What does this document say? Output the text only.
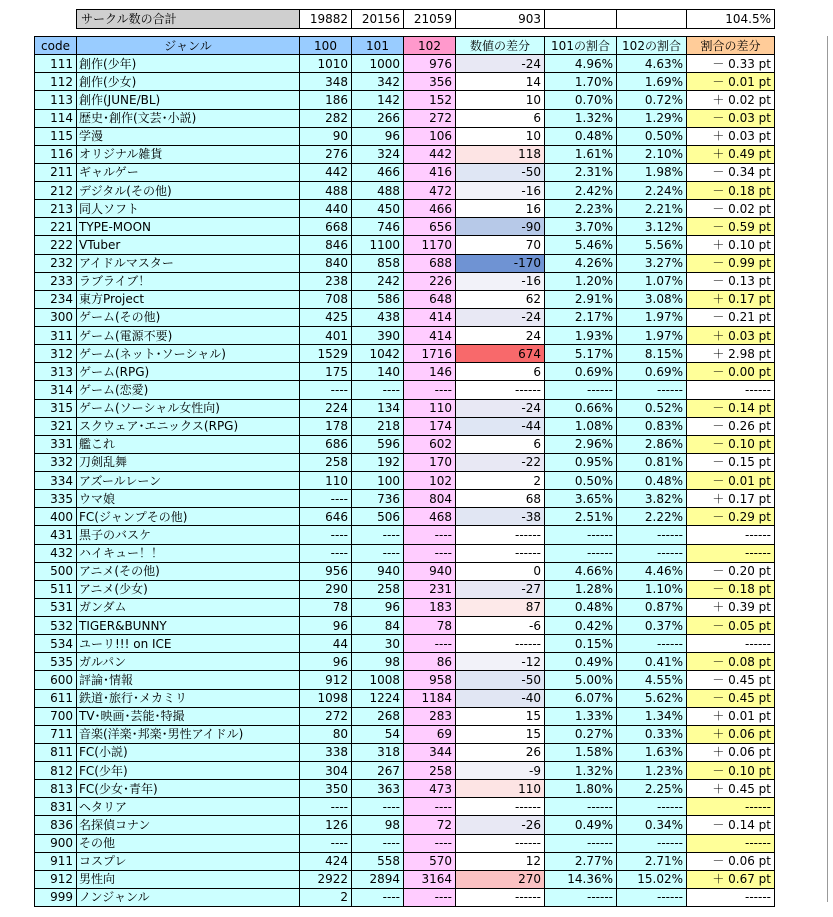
サークル数の合計	19882	20156	21059	903			104.5%
code	ジャンル	100	101	102	数値の差分	101の割合	102の割合	割合の差分
111	創作(少年)	1010	1000	976	-24	4.96%	4.63%	－ 0.33 pt
112	創作(少女)	348	342	356	14	1.70%	1.69%	－ 0.01 pt
113	創作(JUNE/BL)	186	142	152	10	0.70%	0.72%	＋ 0.02 pt
114	歴史･創作(文芸･小説)	282	266	272	6	1.32%	1.29%	－ 0.03 pt
115	学漫	90	96	106	10	0.48%	0.50%	＋ 0.03 pt
116	オリジナル雑貨	276	324	442	118	1.61%	2.10%	＋ 0.49 pt
211	ギャルゲー	442	466	416	-50	2.31%	1.98%	－ 0.34 pt
212	デジタル(その他)	488	488	472	-16	2.42%	2.24%	－ 0.18 pt
213	同人ソフト	440	450	466	16	2.23%	2.21%	－ 0.02 pt
221	TYPE-MOON	668	746	656	-90	3.70%	3.12%	－ 0.59 pt
222	VTuber	846	1100	1170	70	5.46%	5.56%	＋ 0.10 pt
232	アイドルマスター	840	858	688	-170	4.26%	3.27%	－ 0.99 pt
233	ラブライブ！	238	242	226	-16	1.20%	1.07%	－ 0.13 pt
234	東方Project	708	586	648	62	2.91%	3.08%	＋ 0.17 pt
300	ゲーム(その他)	425	438	414	-24	2.17%	1.97%	－ 0.21 pt
311	ゲーム(電源不要)	401	390	414	24	1.93%	1.97%	＋ 0.03 pt
312	ゲーム(ネット･ソーシャル)	1529	1042	1716	674	5.17%	8.15%	＋ 2.98 pt
313	ゲーム(RPG)	175	140	146	6	0.69%	0.69%	－ 0.00 pt
314	ゲーム(恋愛)	----	----	----	------	------	------	------
315	ゲーム(ソーシャル女性向)	224	134	110	-24	0.66%	0.52%	－ 0.14 pt
321	スクウェア･エニックス(RPG)	178	218	174	-44	1.08%	0.83%	－ 0.26 pt
331	艦これ	686	596	602	6	2.96%	2.86%	－ 0.10 pt
332	刀剣乱舞	258	192	170	-22	0.95%	0.81%	－ 0.15 pt
334	アズールレーン	110	100	102	2	0.50%	0.48%	－ 0.01 pt
335	ウマ娘	----	736	804	68	3.65%	3.82%	＋ 0.17 pt
400	FC(ジャンプその他)	646	506	468	-38	2.51%	2.22%	－ 0.29 pt
431	黒子のバスケ	----	----	----	------	------	------	------
432	ハイキュー！！	----	----	----	------	------	------	------
500	アニメ(その他)	956	940	940	0	4.66%	4.46%	－ 0.20 pt
511	アニメ(少女)	290	258	231	-27	1.28%	1.10%	－ 0.18 pt
531	ガンダム	78	96	183	87	0.48%	0.87%	＋ 0.39 pt
532	TIGER&BUNNY	96	84	78	-6	0.42%	0.37%	－ 0.05 pt
534	ユーリ!!! on ICE	44	30	----	------	0.15%	------	------
535	ガルパン	96	98	86	-12	0.49%	0.41%	－ 0.08 pt
600	評論･情報	912	1008	958	-50	5.00%	4.55%	－ 0.45 pt
611	鉄道･旅行･メカミリ	1098	1224	1184	-40	6.07%	5.62%	－ 0.45 pt
700	TV･映画･芸能･特撮	272	268	283	15	1.33%	1.34%	＋ 0.01 pt
711	音楽(洋楽･邦楽･男性アイドル)	80	54	69	15	0.27%	0.33%	＋ 0.06 pt
811	FC(小説)	338	318	344	26	1.58%	1.63%	＋ 0.06 pt
812	FC(少年)	304	267	258	-9	1.32%	1.23%	－ 0.10 pt
813	FC(少女･青年)	350	363	473	110	1.80%	2.25%	＋ 0.45 pt
831	ヘタリア	----	----	----	------	------	------	------
836	名探偵コナン	126	98	72	-26	0.49%	0.34%	－ 0.14 pt
900	その他	----	----	----	------	------	------	------
911	コスプレ	424	558	570	12	2.77%	2.71%	－ 0.06 pt
912	男性向	2922	2894	3164	270	14.36%	15.02%	＋ 0.67 pt
999	ノンジャンル	2	----	----	------	------	------	------
